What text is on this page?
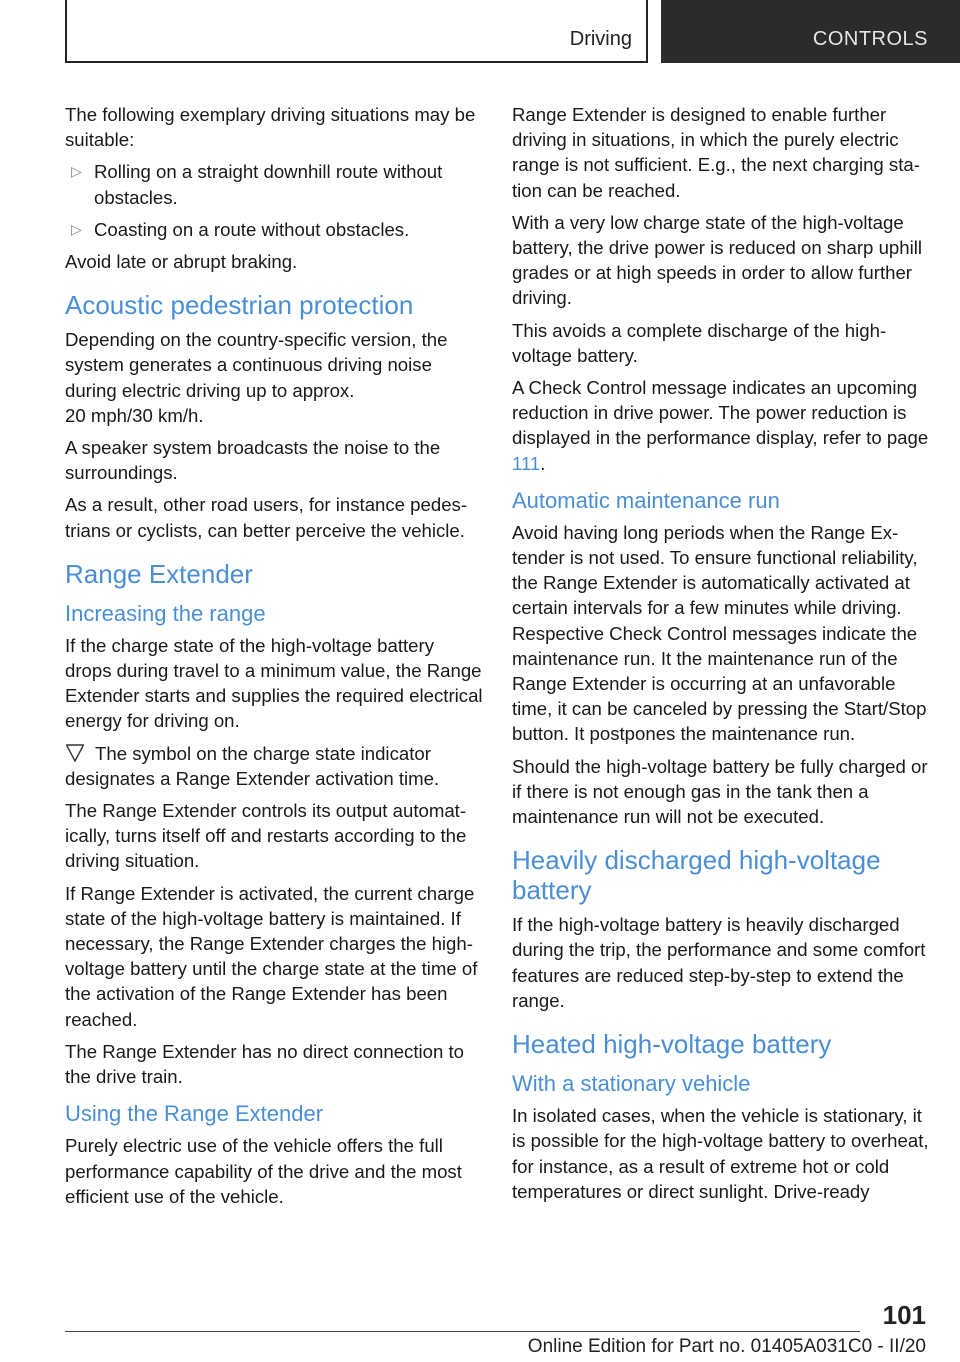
Driving	CONTROLS

The following exemplary driving situations may be suitable:

▷ Rolling on a straight downhill route without obstacles.
▷ Coasting on a route without obstacles.

Avoid late or abrupt braking.

Acoustic pedestrian protection

Depending on the country-specific version, the system generates a continuous driving noise during electric driving up to approx.
20 mph/30 km/h.

A speaker system broadcasts the noise to the surroundings.

As a result, other road users, for instance pedestrians or cyclists, can better perceive the vehicle.

Range Extender
Increasing the range

If the charge state of the high-voltage battery drops during travel to a minimum value, the Range Extender starts and supplies the required electrical energy for driving on.

The symbol on the charge state indicator designates a Range Extender activation time.

The Range Extender controls its output automatically, turns itself off and restarts according to the driving situation.

If Range Extender is activated, the current charge state of the high-voltage battery is maintained. If necessary, the Range Extender charges the high-voltage battery until the charge state at the time of the activation of the Range Extender has been reached.

The Range Extender has no direct connection to the drive train.

Using the Range Extender

Purely electric use of the vehicle offers the full performance capability of the drive and the most efficient use of the vehicle.

Range Extender is designed to enable further driving in situations, in which the purely electric range is not sufficient. E.g., the next charging station can be reached.

With a very low charge state of the high-voltage battery, the drive power is reduced on sharp uphill grades or at high speeds in order to allow further driving.

This avoids a complete discharge of the high-voltage battery.

A Check Control message indicates an upcoming reduction in drive power. The power reduction is displayed in the performance display, refer to page 111.

Automatic maintenance run

Avoid having long periods when the Range Extender is not used. To ensure functional reliability, the Range Extender is automatically activated at certain intervals for a few minutes while driving. Respective Check Control messages indicate the maintenance run. It the maintenance run of the Range Extender is occurring at an unfavorable time, it can be canceled by pressing the Start/Stop button. It postpones the maintenance run.

Should the high-voltage battery be fully charged or if there is not enough gas in the tank then a maintenance run will not be executed.

Heavily discharged high-voltage battery

If the high-voltage battery is heavily discharged during the trip, the performance and some comfort features are reduced step-by-step to extend the range.

Heated high-voltage battery
With a stationary vehicle

In isolated cases, when the vehicle is stationary, it is possible for the high-voltage battery to overheat, for instance, as a result of extreme hot or cold temperatures or direct sunlight. Drive-ready

101
Online Edition for Part no. 01405A031C0 - II/20
